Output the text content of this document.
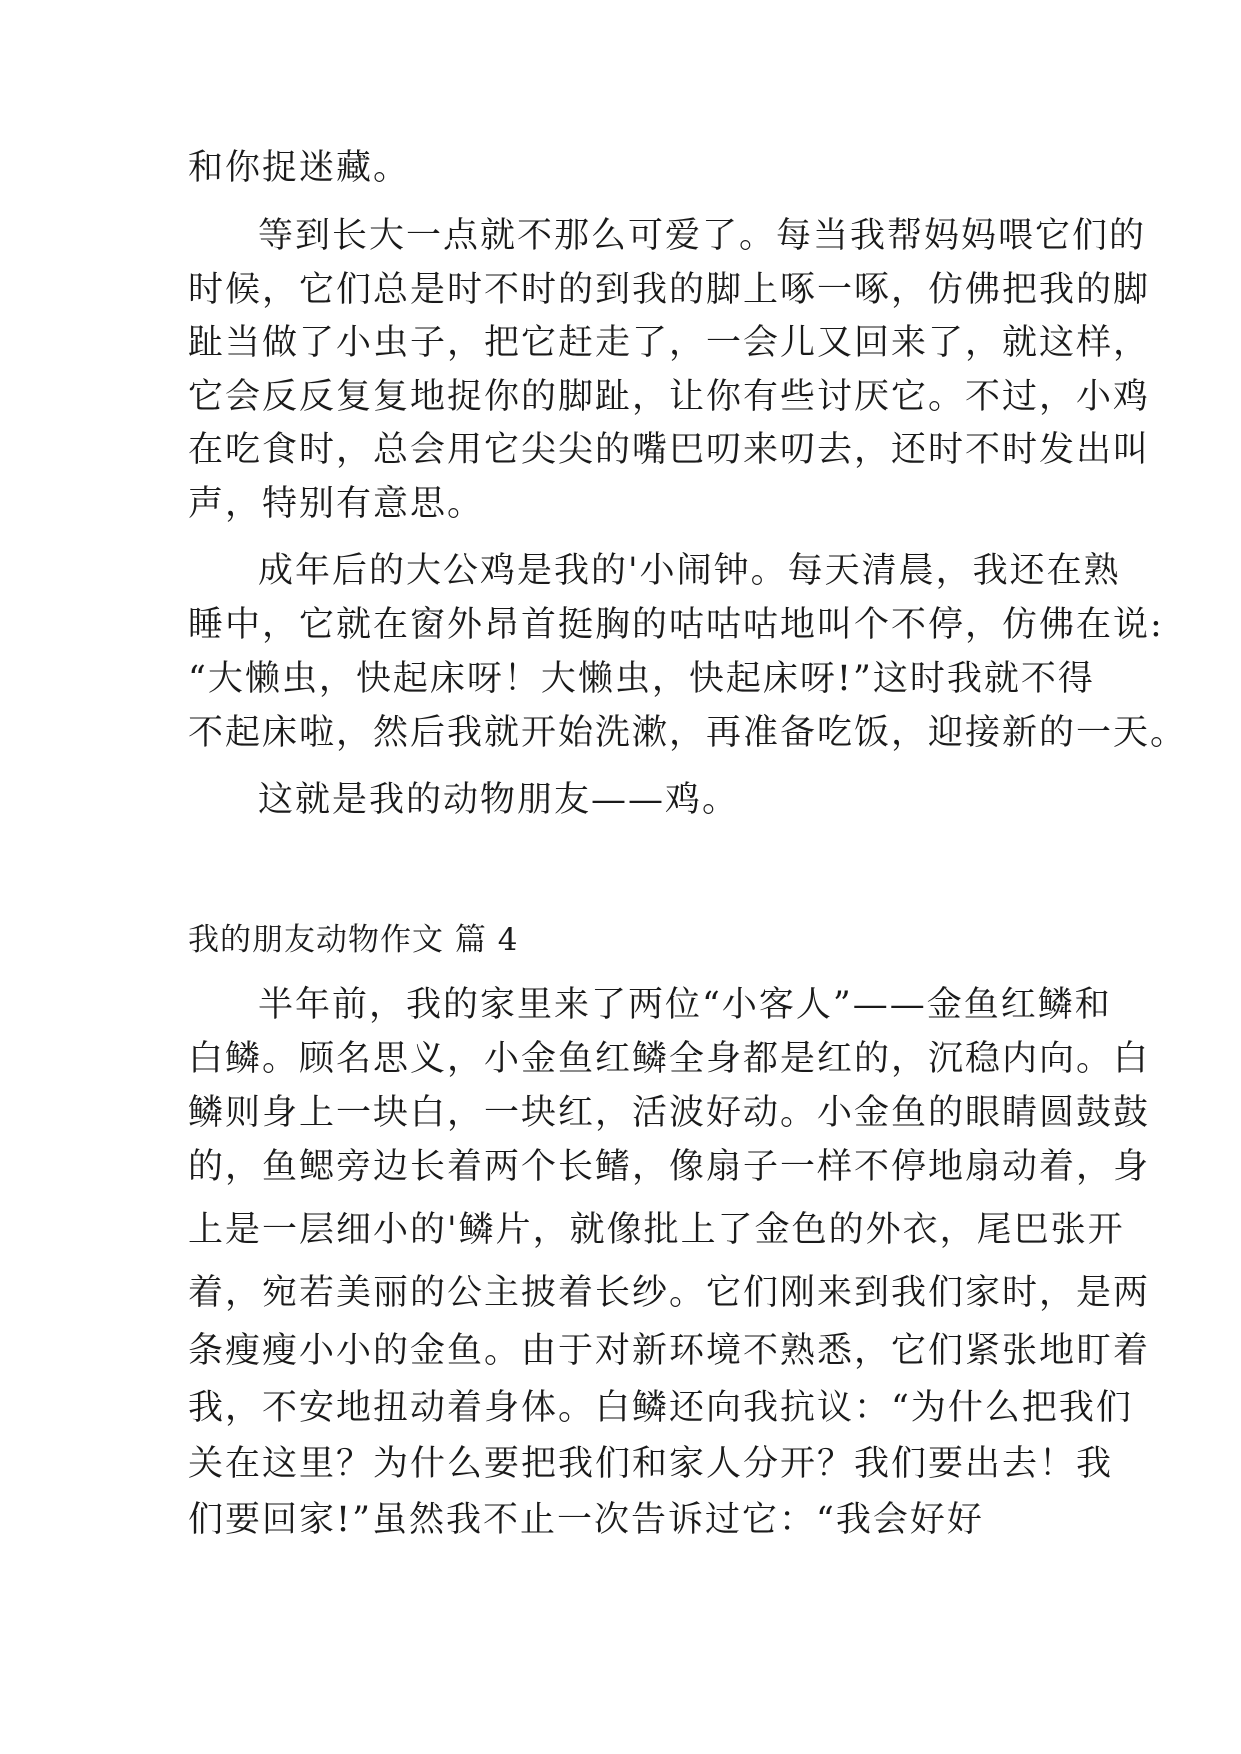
和你捉迷藏。
等到长大一点就不那么可爱了。每当我帮妈妈喂它们的
时候，它们总是时不时的到我的脚上啄一啄，仿佛把我的脚
趾当做了小虫子，把它赶走了，一会儿又回来了，就这样，
它会反反复复地捉你的脚趾，让你有些讨厌它。不过，小鸡
在吃食时，总会用它尖尖的嘴巴叨来叨去，还时不时发出叫
声，特别有意思。
成年后的大公鸡是我的'小闹钟。每天清晨，我还在熟
睡中，它就在窗外昂首挺胸的咕咕咕地叫个不停，仿佛在说:
“大懒虫，快起床呀！大懒虫，快起床呀!”这时我就不得
不起床啦，然后我就开始洗漱，再准备吃饭，迎接新的一天。
这就是我的动物朋友——鸡。
我的朋友动物作文 篇 4
半年前，我的家里来了两位“小客人”——金鱼红鳞和
白鳞。顾名思义，小金鱼红鳞全身都是红的，沉稳内向。白
鳞则身上一块白，一块红，活波好动。小金鱼的眼睛圆鼓鼓
的，鱼鳃旁边长着两个长鳍，像扇子一样不停地扇动着，身
上是一层细小的'鳞片，就像批上了金色的外衣，尾巴张开
着，宛若美丽的公主披着长纱。它们刚来到我们家时，是两
条瘦瘦小小的金鱼。由于对新环境不熟悉，它们紧张地盯着
我，不安地扭动着身体。白鳞还向我抗议：“为什么把我们
关在这里？为什么要把我们和家人分开？我们要出去！我
们要回家!”虽然我不止一次告诉过它：“我会好好
